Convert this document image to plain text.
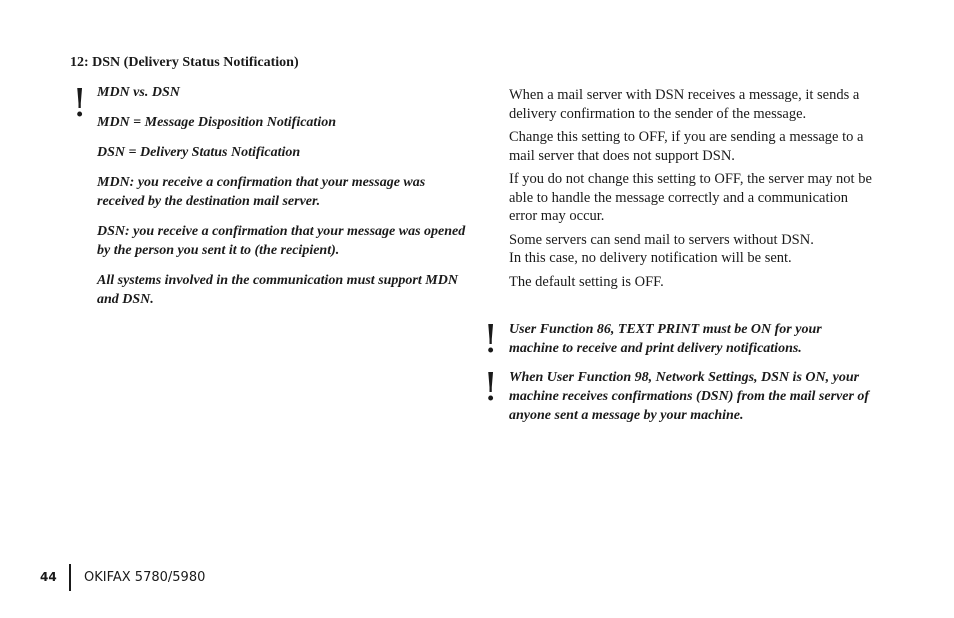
12: DSN (Delivery Status Notification)
! MDN vs. DSN

MDN = Message Disposition Notification

DSN = Delivery Status Notification

MDN: you receive a confirmation that your message was received by the destination mail server.

DSN: you receive a confirmation that your message was opened by the person you sent it to (the recipient).

All systems involved in the communication must support MDN and DSN.

When a mail server with DSN receives a message, it sends a delivery confirmation to the sender of the message.

Change this setting to OFF, if you are sending a message to a mail server that does not support DSN.

If you do not change this setting to OFF, the server may not be able to handle the message correctly and a communication error may occur.

Some servers can send mail to servers without DSN.
In this case, no delivery notification will be sent.

The default setting is OFF.

! User Function 86, TEXT PRINT must be ON for your machine to receive and print delivery notifications.
! When User Function 98, Network Settings, DSN is ON, your machine receives confirmations (DSN) from the mail server of anyone sent a message by your machine.
44 OKIFAX 5780/5980
